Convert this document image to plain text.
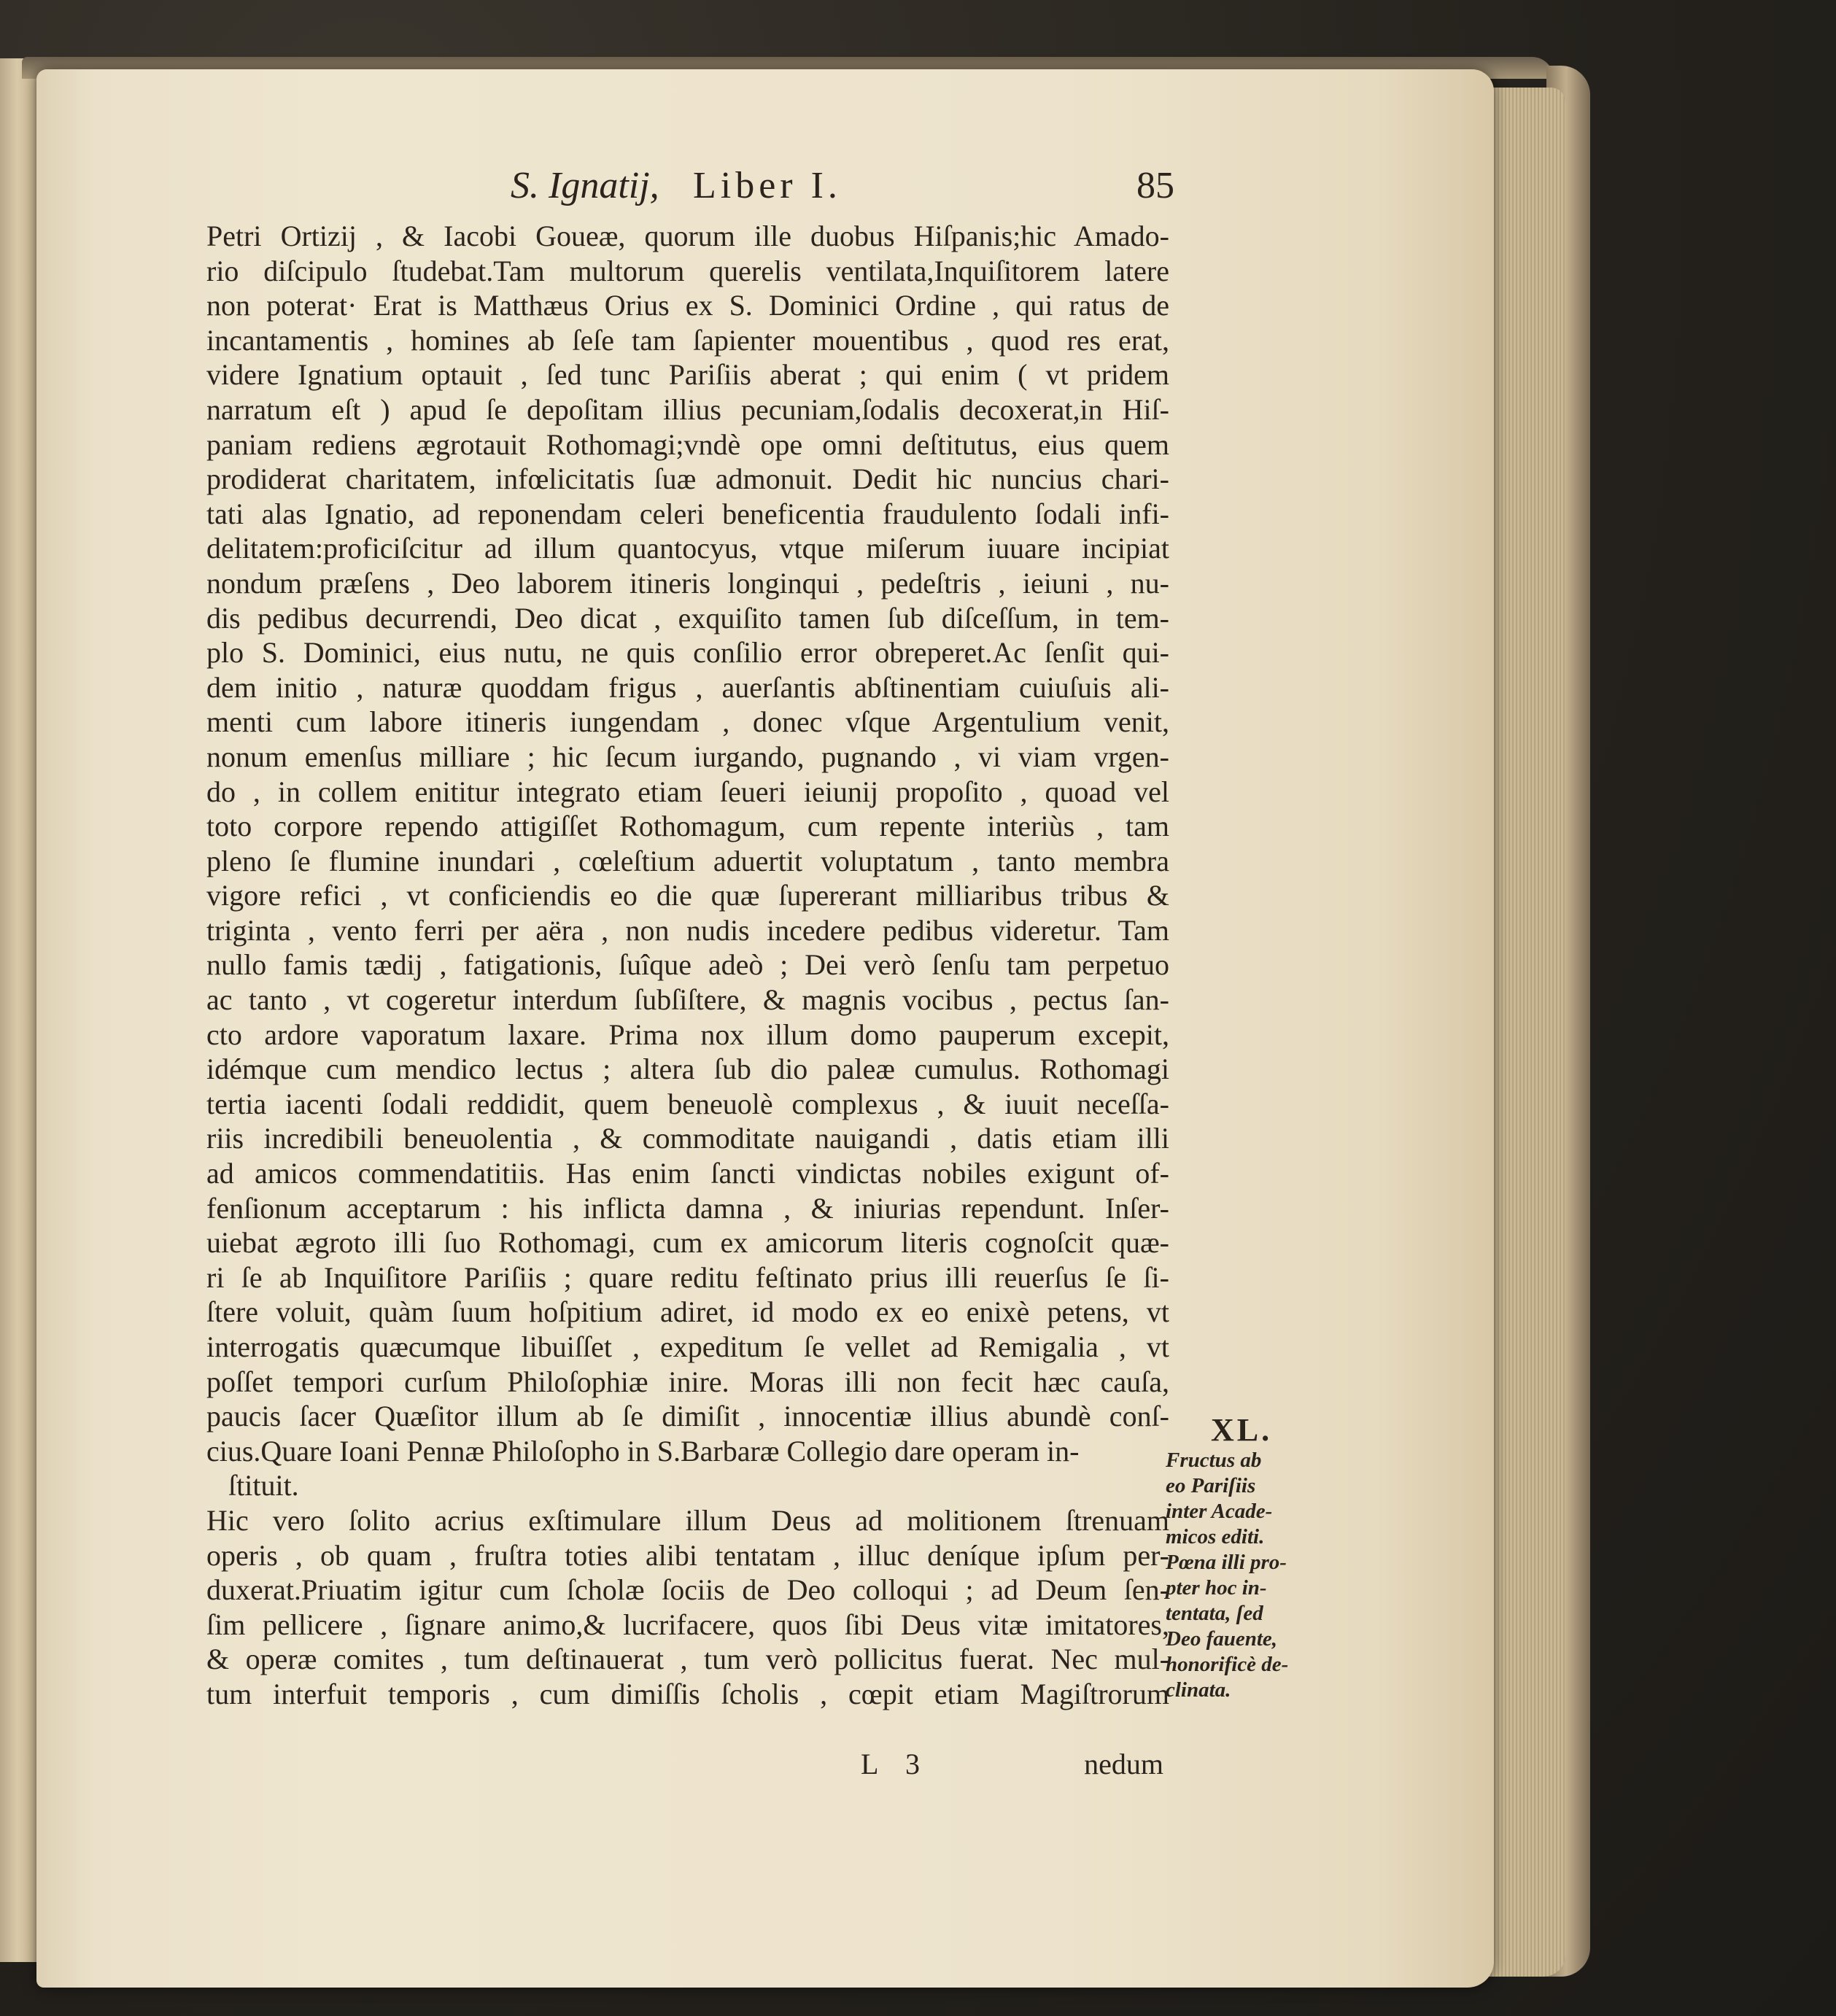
S. Ignatij, Liber I.	85
Petri Ortizij , & Iacobi Goueæ, quorum ille duobus Hiſpanis;hic Amado-
rio diſcipulo ſtudebat.Tam multorum querelis ventilata,Inquiſitorem latere
non poterat· Erat is Matthæus Orius ex S. Dominici Ordine , qui ratus de
incantamentis , homines ab ſeſe tam ſapienter mouentibus , quod res erat,
videre Ignatium optauit , ſed tunc Pariſiis aberat ; qui enim ( vt pridem
narratum eſt ) apud ſe depoſitam illius pecuniam,ſodalis decoxerat,in Hiſ-
paniam rediens ægrotauit Rothomagi;vndè ope omni deſtitutus, eius quem
prodiderat charitatem, infœlicitatis ſuæ admonuit. Dedit hic nuncius chari-
tati alas Ignatio, ad reponendam celeri beneficentia fraudulento ſodali infi-
delitatem:proficiſcitur ad illum quantocyus, vtque miſerum iuuare incipiat
nondum præſens , Deo laborem itineris longinqui , pedeſtris , ieiuni , nu-
dis pedibus decurrendi, Deo dicat , exquiſito tamen ſub diſceſſum, in tem-
plo S. Dominici, eius nutu, ne quis conſilio error obreperet.Ac ſenſit qui-
dem initio , naturæ quoddam frigus , auerſantis abſtinentiam cuiuſuis ali-
menti cum labore itineris iungendam , donec vſque Argentulium venit,
nonum emenſus milliare ; hic ſecum iurgando, pugnando , vi viam vrgen-
do , in collem enititur integrato etiam ſeueri ieiunij propoſito , quoad vel
toto corpore rependo attigiſſet Rothomagum, cum repente interiùs , tam
pleno ſe flumine inundari , cœleſtium aduertit voluptatum , tanto membra
vigore refici , vt conficiendis eo die quæ ſupererant milliaribus tribus &
triginta , vento ferri per aëra , non nudis incedere pedibus videretur. Tam
nullo famis tædij , fatigationis, ſuîque adeò ; Dei verò ſenſu tam perpetuo
ac tanto , vt cogeretur interdum ſubſiſtere, & magnis vocibus , pectus ſan-
cto ardore vaporatum laxare. Prima nox illum domo pauperum excepit,
idémque cum mendico lectus ; altera ſub dio paleæ cumulus. Rothomagi
tertia iacenti ſodali reddidit, quem beneuolè complexus , & iuuit neceſſa-
riis incredibili beneuolentia , & commoditate nauigandi , datis etiam illi
ad amicos commendatitiis. Has enim ſancti vindictas nobiles exigunt of-
fenſionum acceptarum : his inflicta damna , & iniurias rependunt. Inſer-
uiebat ægroto illi ſuo Rothomagi, cum ex amicorum literis cognoſcit quæ-
ri ſe ab Inquiſitore Pariſiis ; quare reditu feſtinato prius illi reuerſus ſe ſi-
ſtere voluit, quàm ſuum hoſpitium adiret, id modo ex eo enixè petens, vt
interrogatis quæcumque libuiſſet , expeditum ſe vellet ad Remigalia , vt
poſſet tempori curſum Philoſophiæ inire. Moras illi non fecit hæc cauſa,
paucis ſacer Quæſitor illum ab ſe dimiſit , innocentiæ illius abundè conſ-
cius.Quare Ioani Pennæ Philoſopho in S.Barbaræ Collegio dare operam in-
ſtituit.
Hic vero ſolito acrius exſtimulare illum Deus ad molitionem ſtrenuam
operis , ob quam , fruſtra toties alibi tentatam , illuc deníque ipſum per-
duxerat.Priuatim igitur cum ſcholæ ſociis de Deo colloqui ; ad Deum ſen-
ſim pellicere , ſignare animo,& lucrifacere, quos ſibi Deus vitæ imitatores,
& operæ comites , tum deſtinauerat , tum verò pollicitus fuerat. Nec mul-
tum interfuit temporis , cum dimiſſis ſcholis , cœpit etiam Magiſtrorum
XL.
Fructus ab
eo Pariſiis
inter Acade-
micos editi.
Pœna illi pro-
pter hoc in-
tentata, ſed
Deo fauente,
honorificè de-
clinata.
L 3	nedum
